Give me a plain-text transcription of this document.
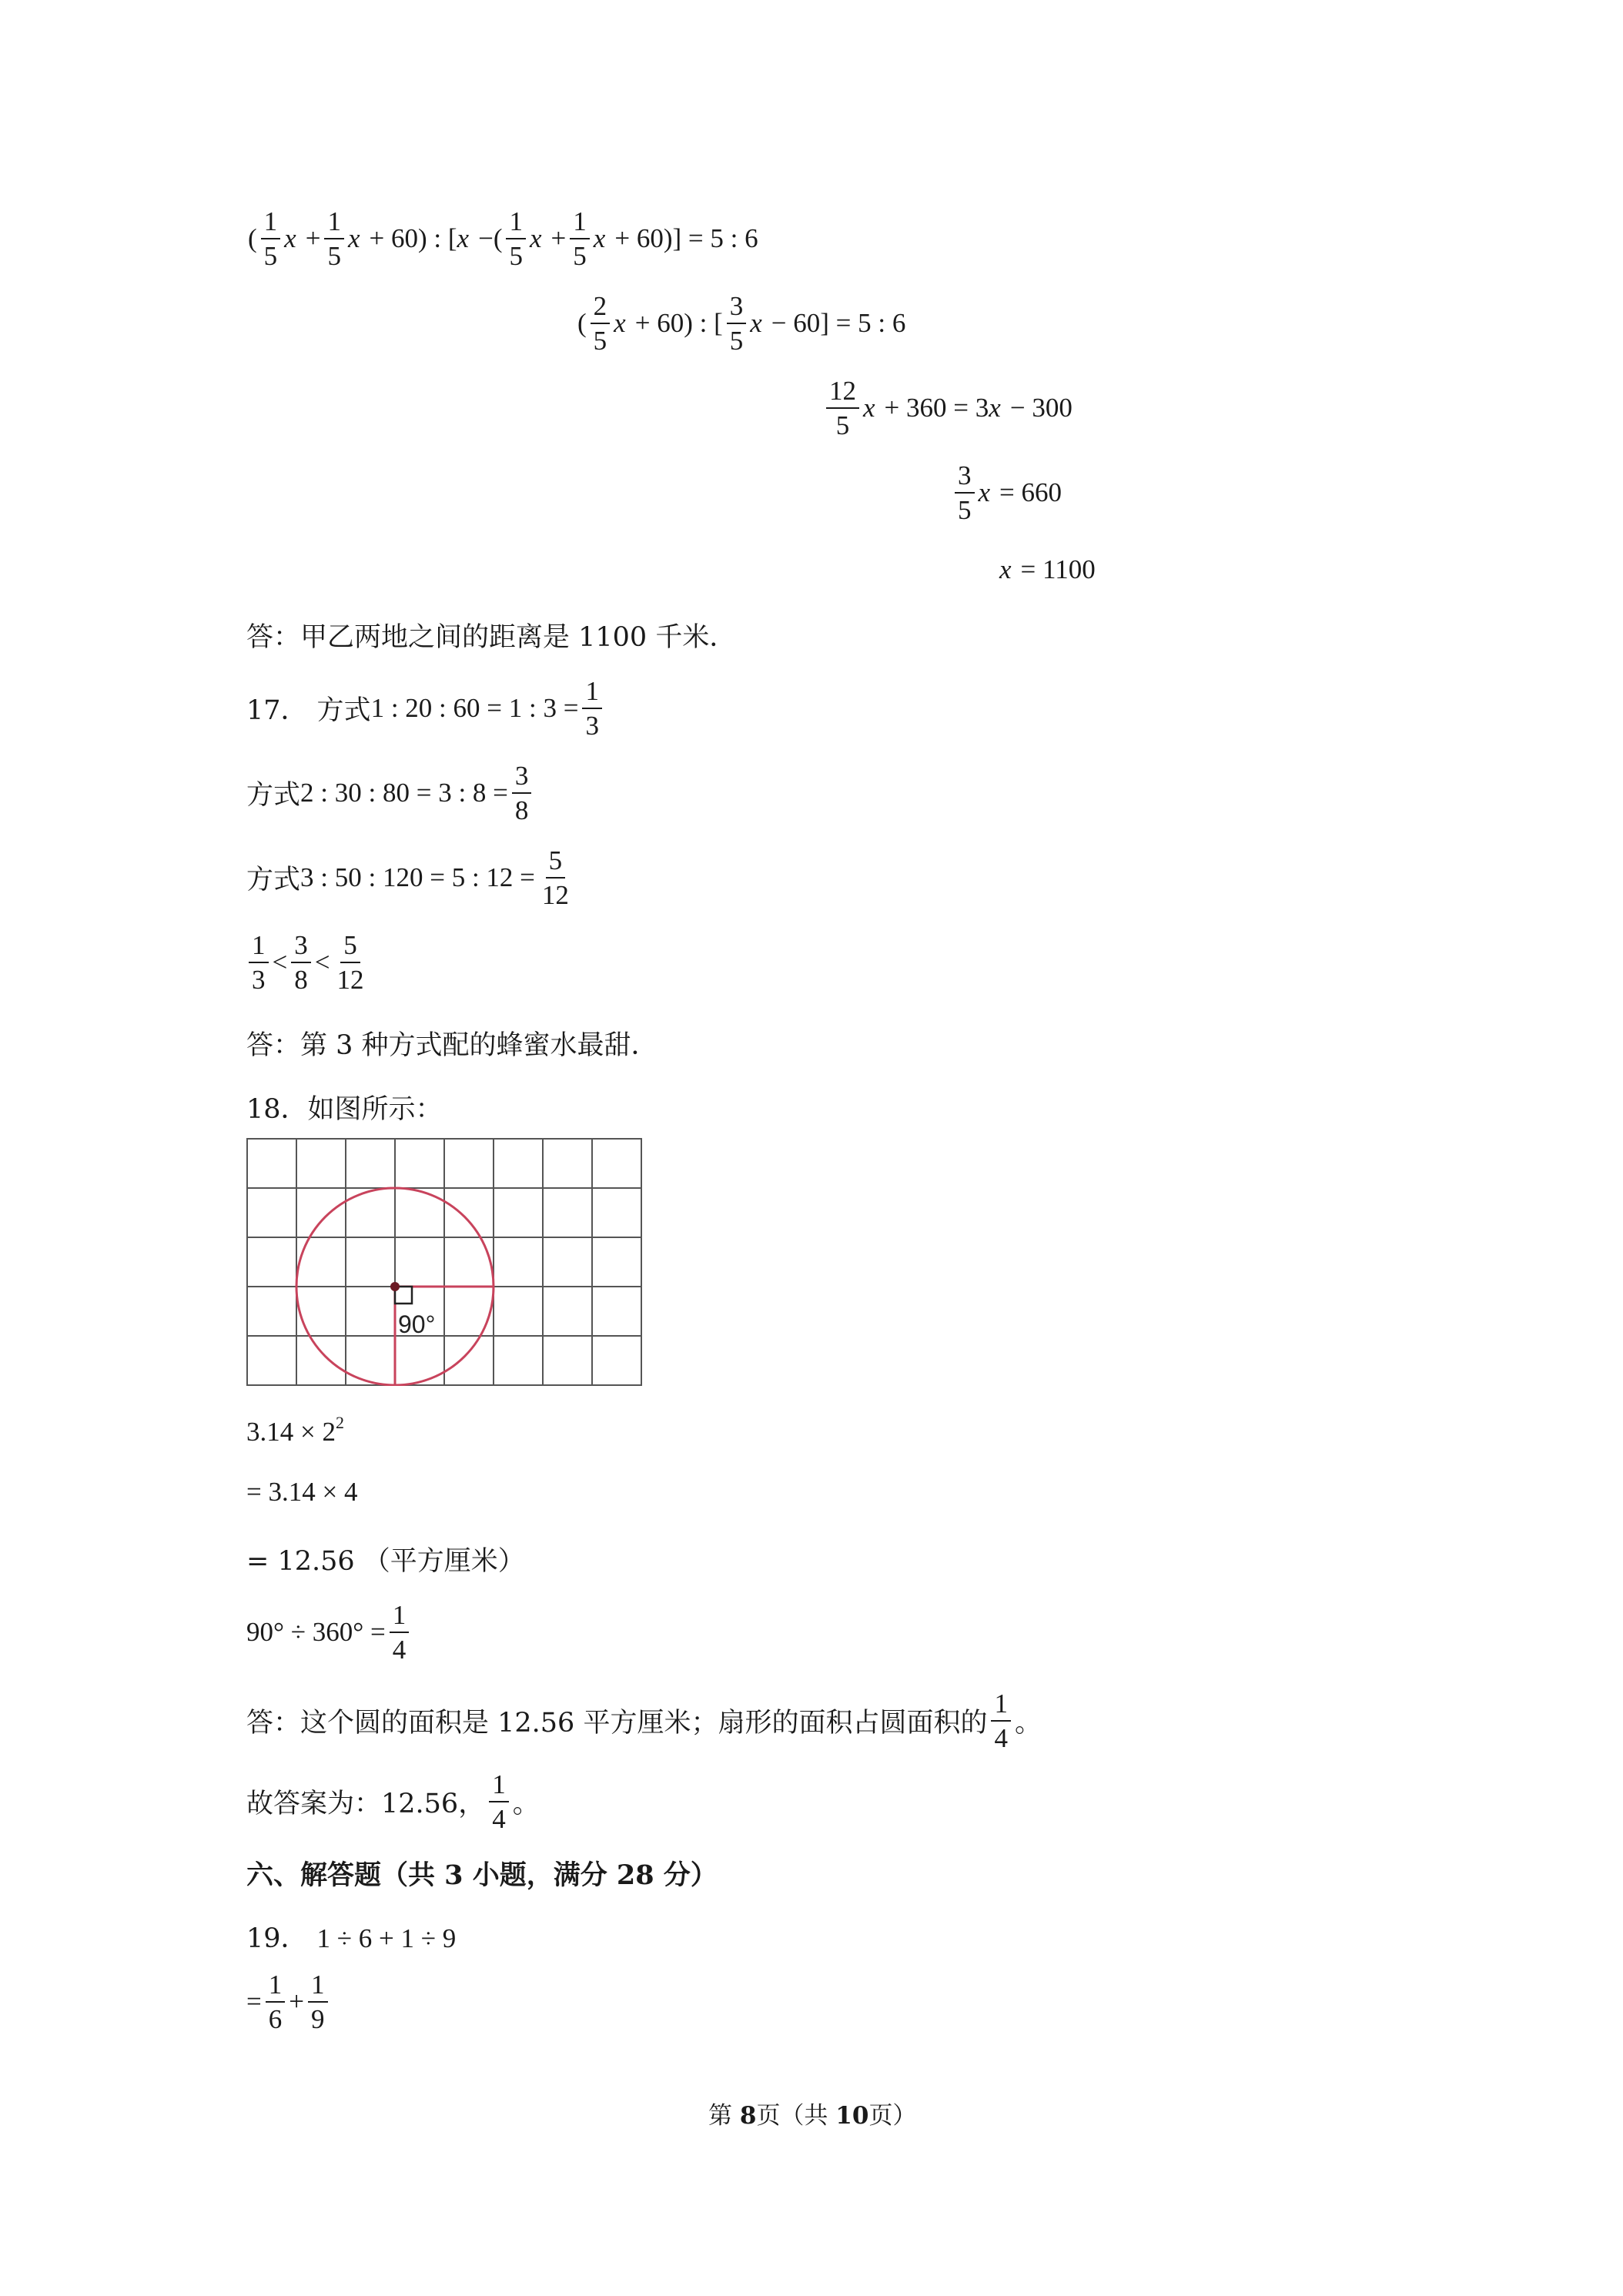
( $\frac{1}{5}$ $x + \frac{1}{5}$ x + 60) : [ x −( $\frac{1}{5}$ $x + \frac{1}{5}$ x + 60)] = 5 : 6
( $\frac{2}{5}$ x + 60) : [ $\frac{3}{5}$ x − 60] = 5 : 6
$\frac{12}{5}$ x + 360 = 3 x − 300
$\frac{3}{5}$ x = 660
x = 1100
答：甲乙两地之间的距离是 1100 千米．
17． 方式 1 : 20 : 60 = 1 : $3 = \frac{1}{3}$
方式 2 : 30 : 80 = 3 : $8 = \frac{3}{8}$
方式 3 : 50 : 120 = 5 : $12 = \frac{5}{12}$
$\frac{1}{3} < \frac{3}{8} < \frac{5}{12}$
答：第 3 种方式配的蜂蜜水最甜．
18．如图所示：
90°
$3.14 \times 2^2$
= 3.14 × 4
= 12.56 （平方厘米）
$90^\circ \div 360^\circ = \frac{1}{4}$
答：这个圆的面积是 12.56 平方厘米；扇形的面积占圆面积的 $\frac{1}{4}$ 。
故答案为：12.56， $\frac{1}{4}$ 。
六、解答题（共 3 小题，满分 28 分）
19． 1 ÷ 6 + 1 ÷ 9
= $\frac{1}{6} + \frac{1}{9}$
第 8页（共 10页）
